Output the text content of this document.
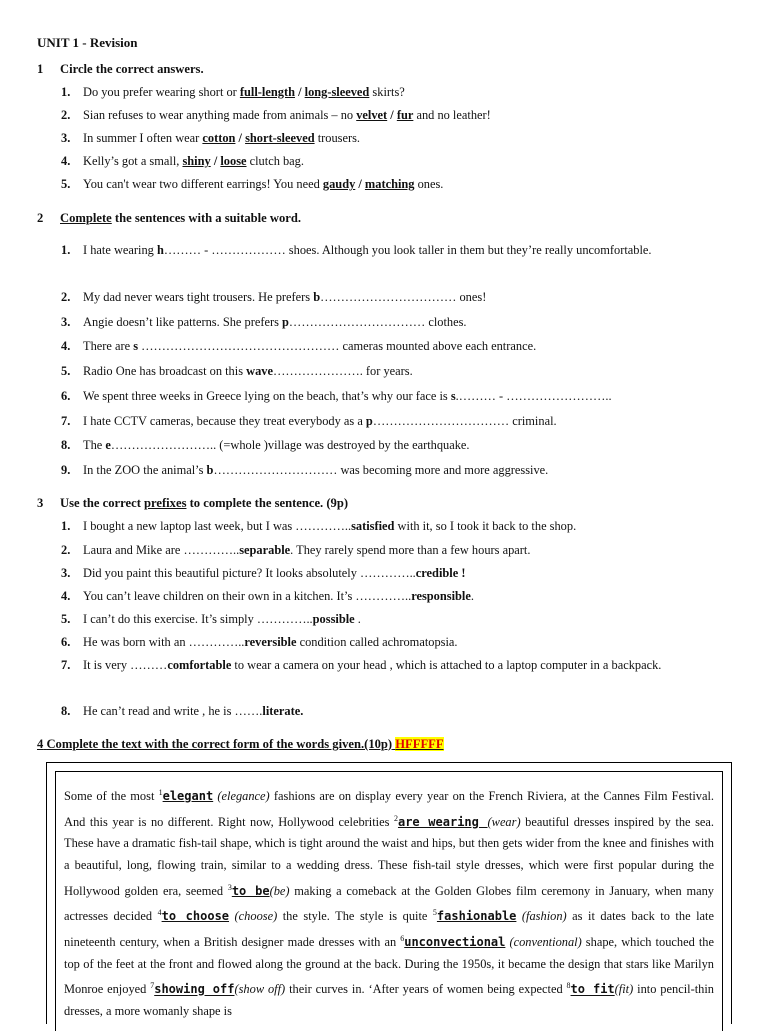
UNIT 1 - Revision
1 Circle the correct answers.
1. Do you prefer wearing short or full-length / long-sleeved skirts?
2. Sian refuses to wear anything made from animals – no velvet / fur and no leather!
3. In summer I often wear cotton / short-sleeved trousers.
4. Kelly’s got a small, shiny / loose clutch bag.
5. You can't wear two different earrings! You need gaudy / matching ones.
2 Complete the sentences with a suitable word.
1. I hate wearing h……… - ……………… shoes. Although you look taller in them but they’re really uncomfortable.
2. My dad never wears tight trousers. He prefers b…………………………… ones!
3. Angie doesn’t like patterns. She prefers p…………………………… clothes.
4. There are s ………………………………………… cameras mounted above each entrance.
5. Radio One has broadcast on this wave…………………. for years.
6. We spent three weeks in Greece lying on the beach, that’s why our face is s.……… - ……………………..
7. I hate CCTV cameras, because they treat everybody as a p…………………………… criminal.
8. The e…………………….. (=whole )village was destroyed by the earthquake.
9. In the ZOO the animal’s b………………………… was becoming more and more aggressive.
3 Use the correct prefixes to complete the sentence. (9p)
1. I bought a new laptop last week, but I was …………..satisfied with it, so I took it back to the shop.
2. Laura and Mike are …………..separable. They rarely spend more than a few hours apart.
3. Did you paint this beautiful picture? It looks absolutely …………..credible !
4. You can’t leave children on their own in a kitchen. It’s …………..responsible.
5. I can’t do this exercise. It’s simply …………..possible .
6. He was born with an …………..reversible condition called achromatopsia.
7. It is very ………comfortable to wear a camera on your head , which is attached to a laptop computer in a backpack.
8. He can’t read and write , he is …….literate.
4 Complete the text with the correct form of the words given.(10p) HFFFFF
Some of the most $^1$elegant (elegance) fashions are on display every year on the French Riviera, at the Cannes Film Festival. And this year is no different. Right now, Hollywood celebrities $^2$are wearing (wear) beautiful dresses inspired by the sea. These have a dramatic fish-tail shape, which is tight around the waist and hips, but then gets wider from the knee and finishes with a beautiful, long, flowing train, similar to a wedding dress. These fish-tail style dresses, which were first popular during the Hollywood golden era, seemed $^3$to be(be) making a comeback at the Golden Globes film ceremony in January, when many actresses decided $^4$to choose (choose) the style. The style is quite $^5$fashionable (fashion) as it dates back to the late nineteenth century, when a British designer made dresses with an $^6$unconvectional (conventional) shape, which touched the top of the feet at the front and flowed along the ground at the back. During the 1950s, it became the design that stars like Marilyn Monroe enjoyed $^7$showing off(show off) their curves in. ‘After years of women being expected $^8$to fit(fit) into pencil-thin dresses, a more womanly shape is
